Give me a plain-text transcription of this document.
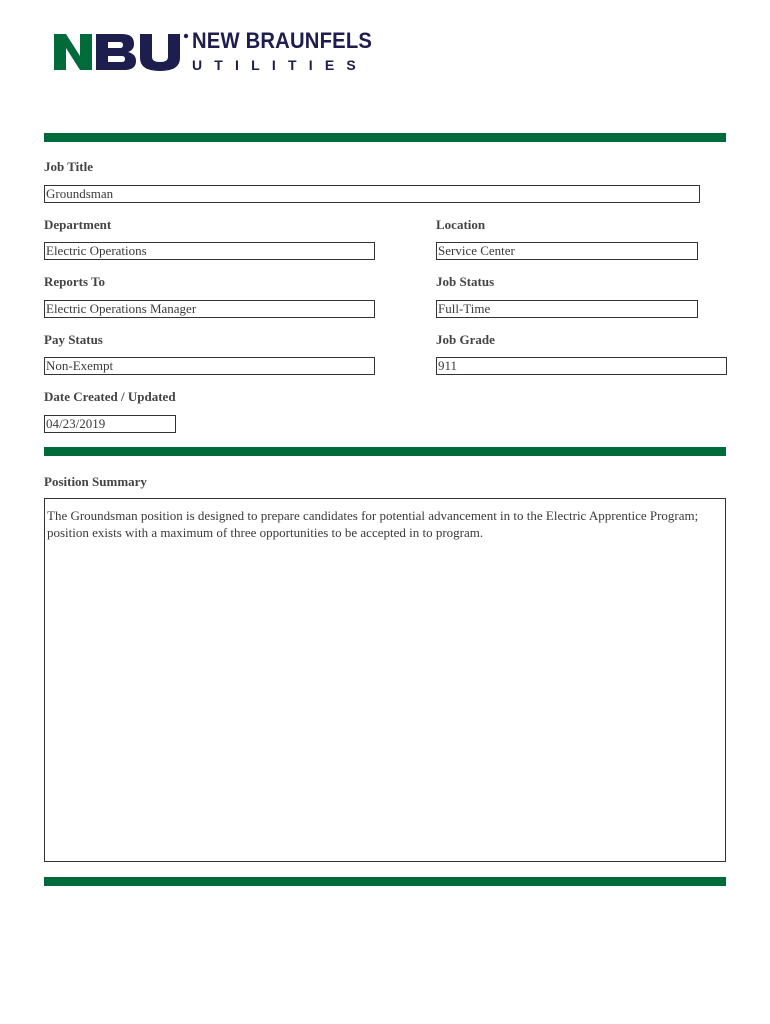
NEW BRAUNFELS
UTILITIES
Job Title
Groundsman
Department	Location
Electric Operations	Service Center
Reports To	Job Status
Electric Operations Manager	Full-Time
Pay Status	Job Grade
Non-Exempt	911
Date Created / Updated
04/23/2019
Position Summary
The Groundsman position is designed to prepare candidates for potential advancement in to the Electric Apprentice Program; position exists with a maximum of three opportunities to be accepted in to program.
